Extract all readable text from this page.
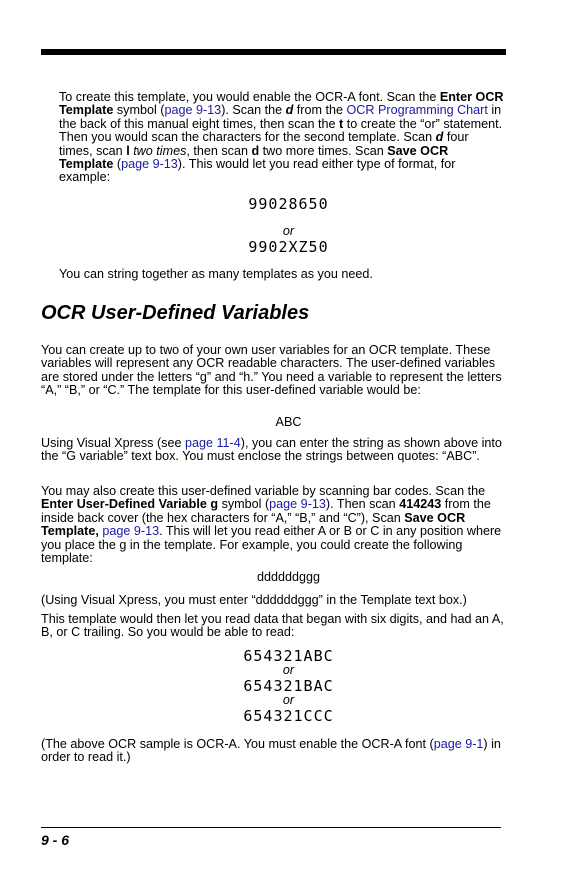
To create this template, you would enable the OCR-A font. Scan the Enter OCR Template symbol (page 9-13). Scan the d from the OCR Programming Chart in the back of this manual eight times, then scan the t to create the “or” statement. Then you would scan the characters for the second template. Scan d four times, scan l two times, then scan d two more times. Scan Save OCR Template (page 9-13). This would let you read either type of format, for example:

99028650
or
9902XZ50

You can string together as many templates as you need.

OCR User-Defined Variables

You can create up to two of your own user variables for an OCR template. These variables will represent any OCR readable characters. The user-defined variables are stored under the letters “g” and “h.” You need a variable to represent the letters “A,” “B,” or “C.” The template for this user-defined variable would be:

ABC

Using Visual Xpress (see page 11-4), you can enter the string as shown above into the “G variable” text box. You must enclose the strings between quotes: “ABC”.

You may also create this user-defined variable by scanning bar codes. Scan the Enter User-Defined Variable g symbol (page 9-13). Then scan 414243 from the inside back cover (the hex characters for “A,” “B,” and “C”), Scan Save OCR Template, page 9-13. This will let you read either A or B or C in any position where you place the g in the template. For example, you could create the following template:

ddddddggg

(Using Visual Xpress, you must enter “ddddddggg” in the Template text box.)

This template would then let you read data that began with six digits, and had an A, B, or C trailing. So you would be able to read:

654321ABC
or
654321BAC
or
654321CCC

(The above OCR sample is OCR-A. You must enable the OCR-A font (page 9-1) in order to read it.)

9 - 6
